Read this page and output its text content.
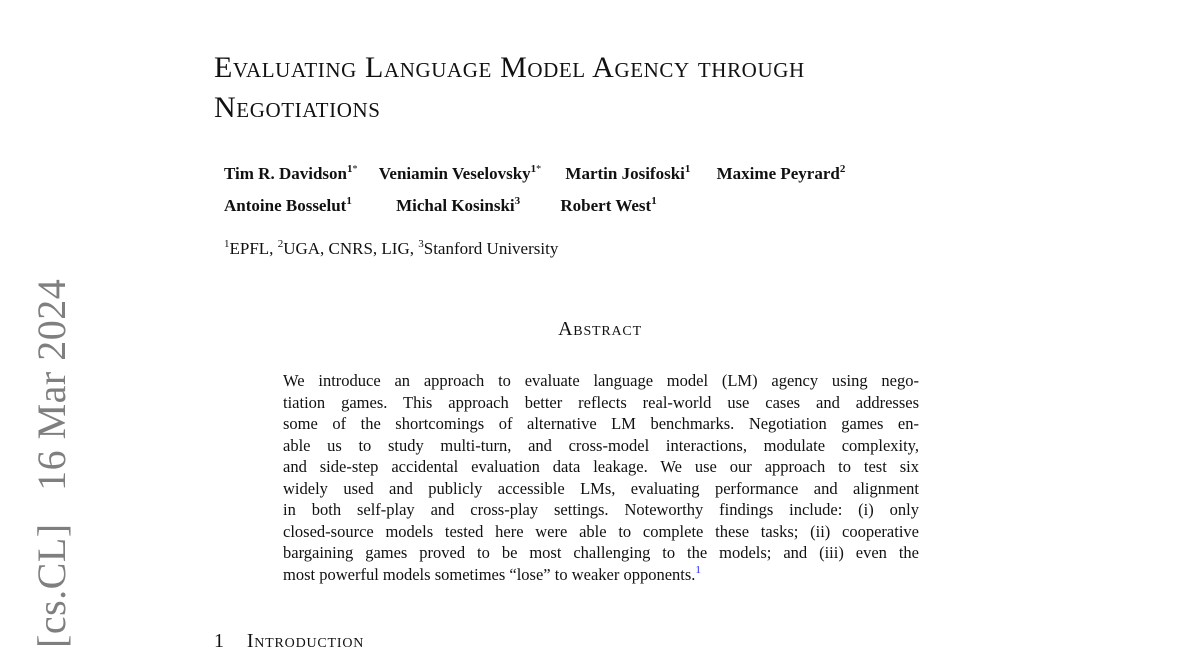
[cs.CL] 16 Mar 2024
Evaluating Language Model Agency through
Negotiations
Tim R. Davidson$^{1*}$ Veniamin Veselovsky$^{1*}$ Martin Josifoski$^1$ Maxime Peyrard$^2$
Antoine Bosselut$^1$	Michal Kosinski$^3$ Robert West$^1$
$^1$EPFL, $^2$UGA, CNRS, LIG, $^3$Stanford University
Abstract
We introduce an approach to evaluate language model (LM) agency using nego-
tiation games. This approach better reflects real-world use cases and addresses
some of the shortcomings of alternative LM benchmarks. Negotiation games en-
able us to study multi-turn, and cross-model interactions, modulate complexity,
and side-step accidental evaluation data leakage. We use our approach to test six
widely used and publicly accessible LMs, evaluating performance and alignment
in both self-play and cross-play settings. Noteworthy findings include: (i) only
closed-source models tested here were able to complete these tasks; (ii) cooperative
bargaining games proved to be most challenging to the models; and (iii) even the
most powerful models sometimes “lose” to weaker opponents.$^1$
1 Introduction
